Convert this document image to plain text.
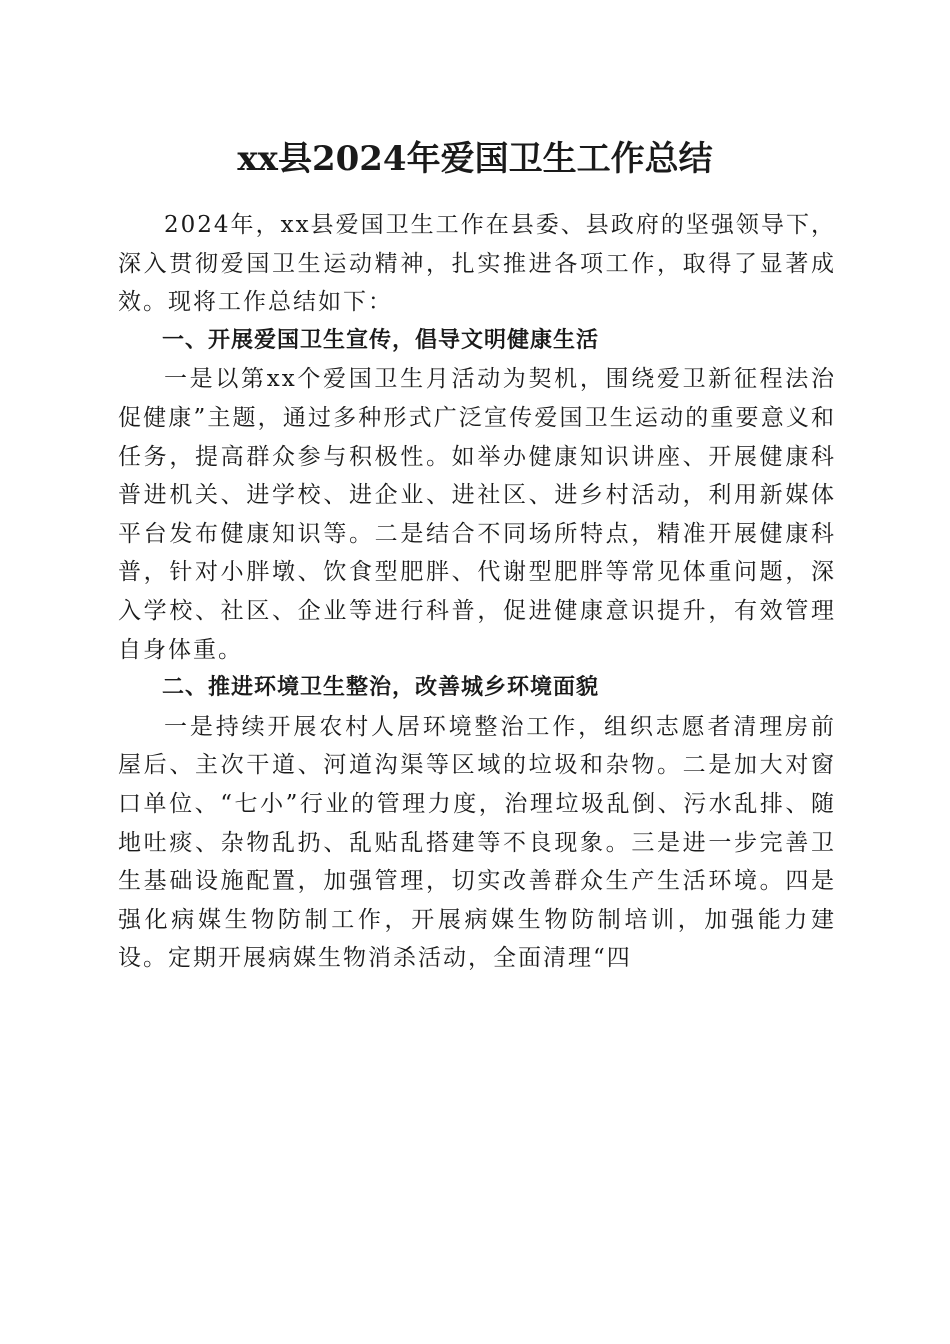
xx县2024年爱国卫生工作总结

2024年，xx县爱国卫生工作在县委、县政府的坚强领导下，深入贯彻爱国卫生运动精神，扎实推进各项工作，取得了显著成效。现将工作总结如下：

一、开展爱国卫生宣传，倡导文明健康生活

一是以第xx个爱国卫生月活动为契机，围绕爱卫新征程法治促健康”主题，通过多种形式广泛宣传爱国卫生运动的重要意义和任务，提高群众参与积极性。如举办健康知识讲座、开展健康科普进机关、进学校、进企业、进社区、进乡村活动，利用新媒体平台发布健康知识等。二是结合不同场所特点，精准开展健康科普，针对小胖墩、饮食型肥胖、代谢型肥胖等常见体重问题，深入学校、社区、企业等进行科普，促进健康意识提升，有效管理自身体重。

二、推进环境卫生整治，改善城乡环境面貌

一是持续开展农村人居环境整治工作，组织志愿者清理房前屋后、主次干道、河道沟渠等区域的垃圾和杂物。二是加大对窗口单位、“七小”行业的管理力度，治理垃圾乱倒、污水乱排、随地吐痰、杂物乱扔、乱贴乱搭建等不良现象。三是进一步完善卫生基础设施配置，加强管理，切实改善群众生产生活环境。四是强化病媒生物防制工作，开展病媒生物防制培训，加强能力建设。定期开展病媒生物消杀活动，全面清理“四
